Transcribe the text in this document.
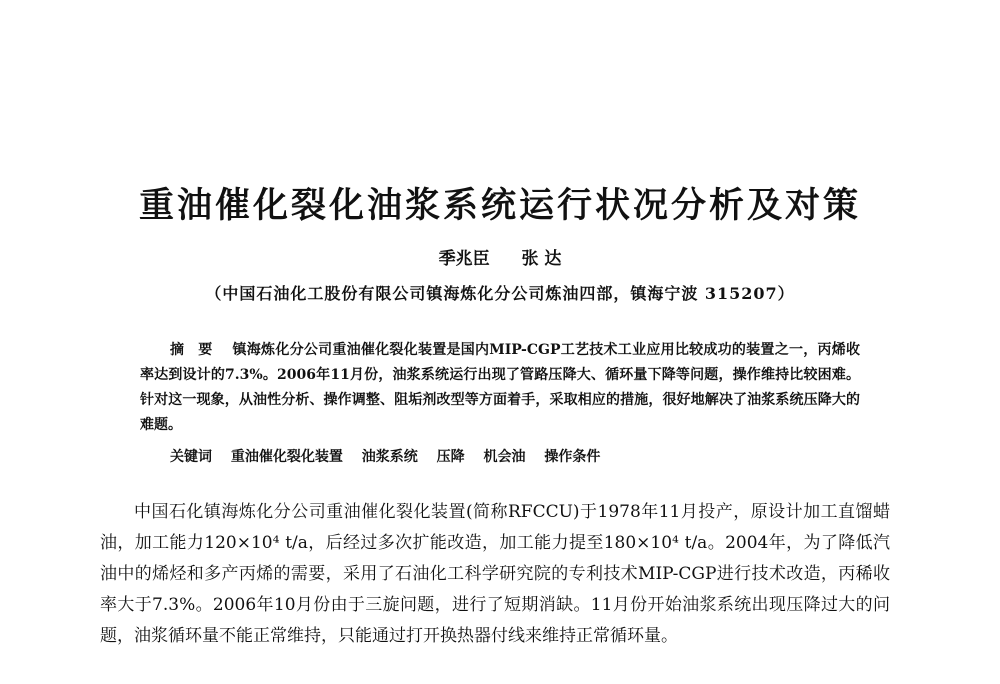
重油催化裂化油浆系统运行状况分析及对策
季兆臣 张 达
（中国石油化工股份有限公司镇海炼化分公司炼油四部，镇海宁波 315207）
摘要 镇海炼化分公司重油催化裂化装置是国内MIP-CGP工艺技术工业应用比较成功的装置之一，丙烯收率达到设计的7.3%。2006年11月份，油浆系统运行出现了管路压降大、循环量下降等问题，操作维持比较困难。针对这一现象，从油性分析、操作调整、阻垢剂改型等方面着手，采取相应的措施，很好地解决了油浆系统压降大的难题。
关键词 重油催化裂化装置 油浆系统 压降 机会油 操作条件

中国石化镇海炼化分公司重油催化裂化装置(简称RFCCU)于1978年11月投产，原设计加工直馏蜡油，加工能力120×10⁴ t/a，后经过多次扩能改造，加工能力提至180×10⁴ t/a。2004年，为了降低汽油中的烯烃和多产丙烯的需要，采用了石油化工科学研究院的专利技术MIP-CGP进行技术改造，丙稀收率大于7.3%。2006年10月份由于三旋问题，进行了短期消缺。11月份开始油浆系统出现压降过大的问题，油浆循环量不能正常维持，只能通过打开换热器付线来维持正常循环量。
